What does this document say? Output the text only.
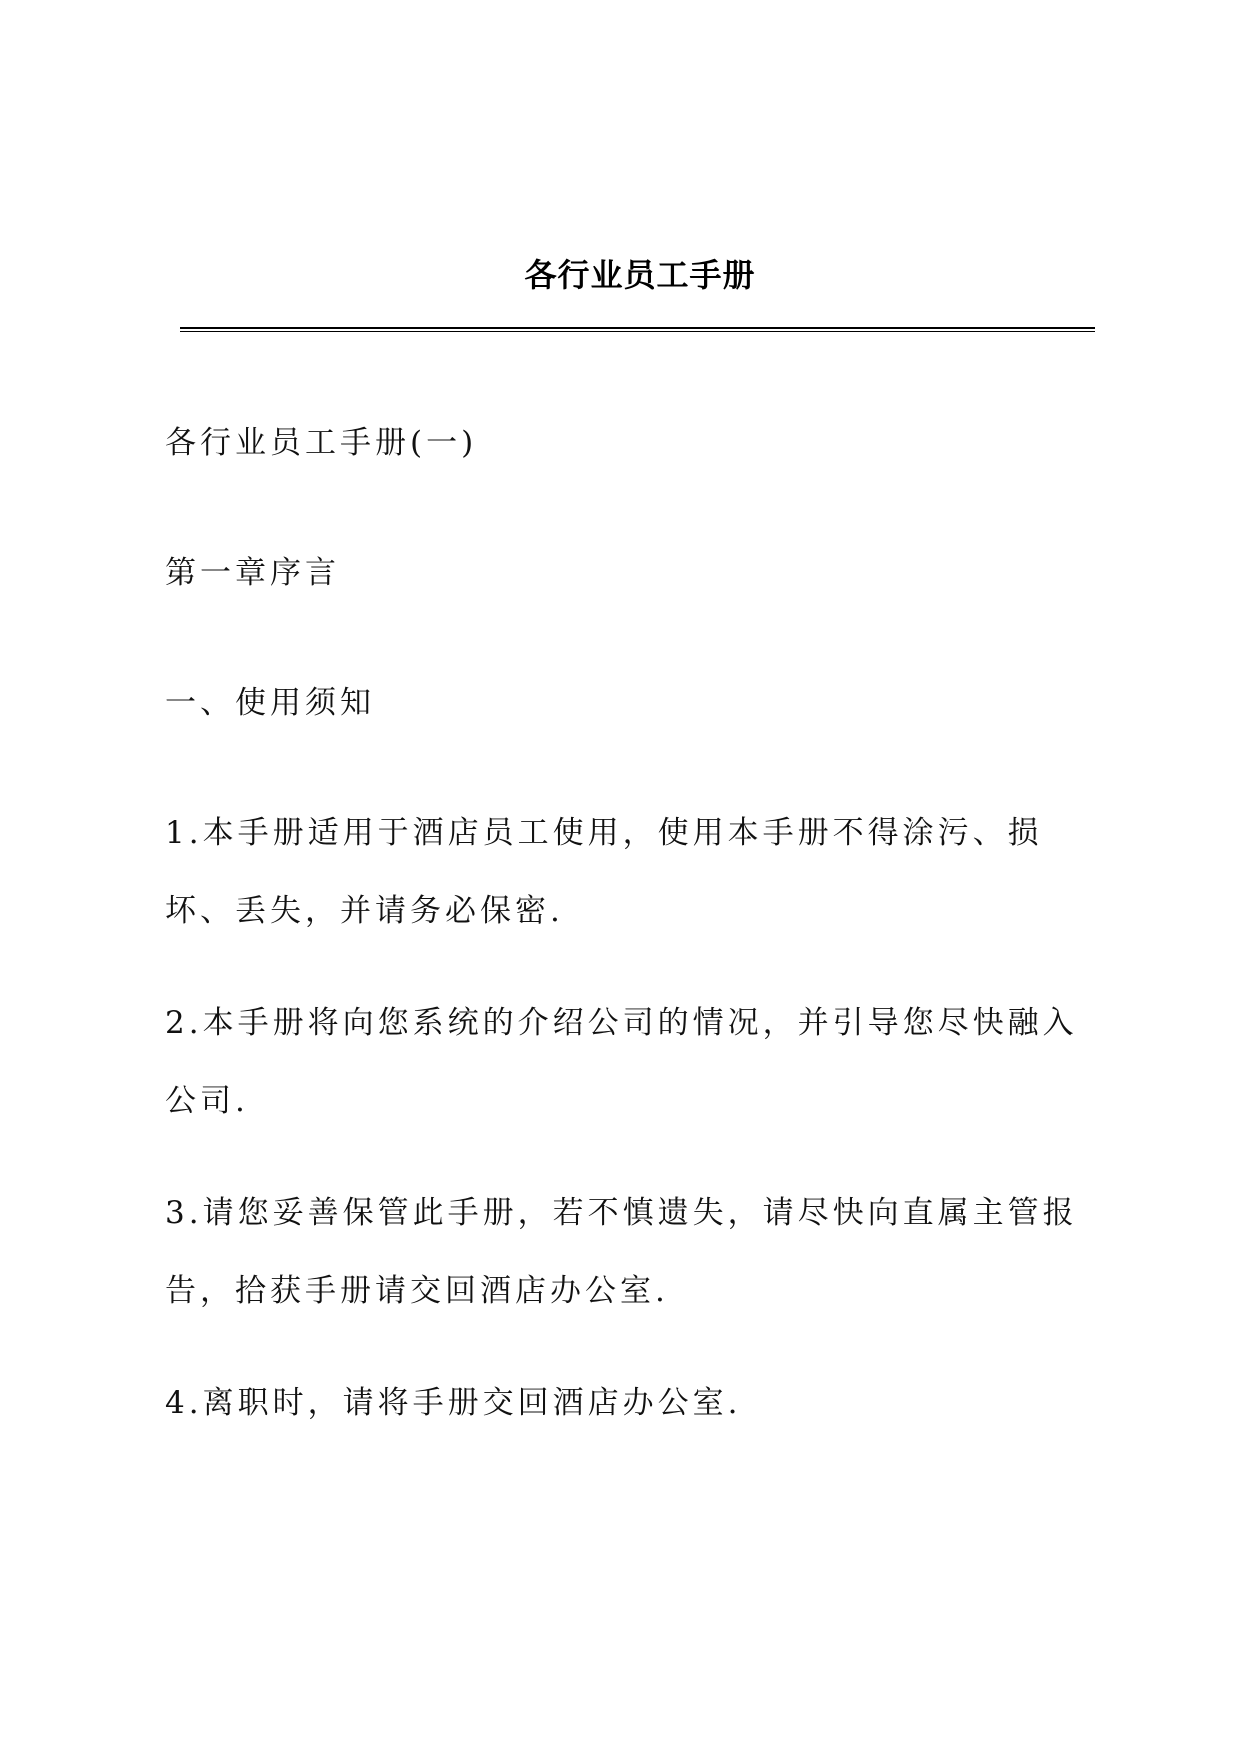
各行业员工手册

各行业员工手册(一)

第一章序言

一、使用须知

1.本手册适用于酒店员工使用，使用本手册不得涂污、损坏、丢失，并请务必保密.

2.本手册将向您系统的介绍公司的情况，并引导您尽快融入公司.

3.请您妥善保管此手册，若不慎遗失，请尽快向直属主管报告，拾获手册请交回酒店办公室.

4.离职时，请将手册交回酒店办公室.
